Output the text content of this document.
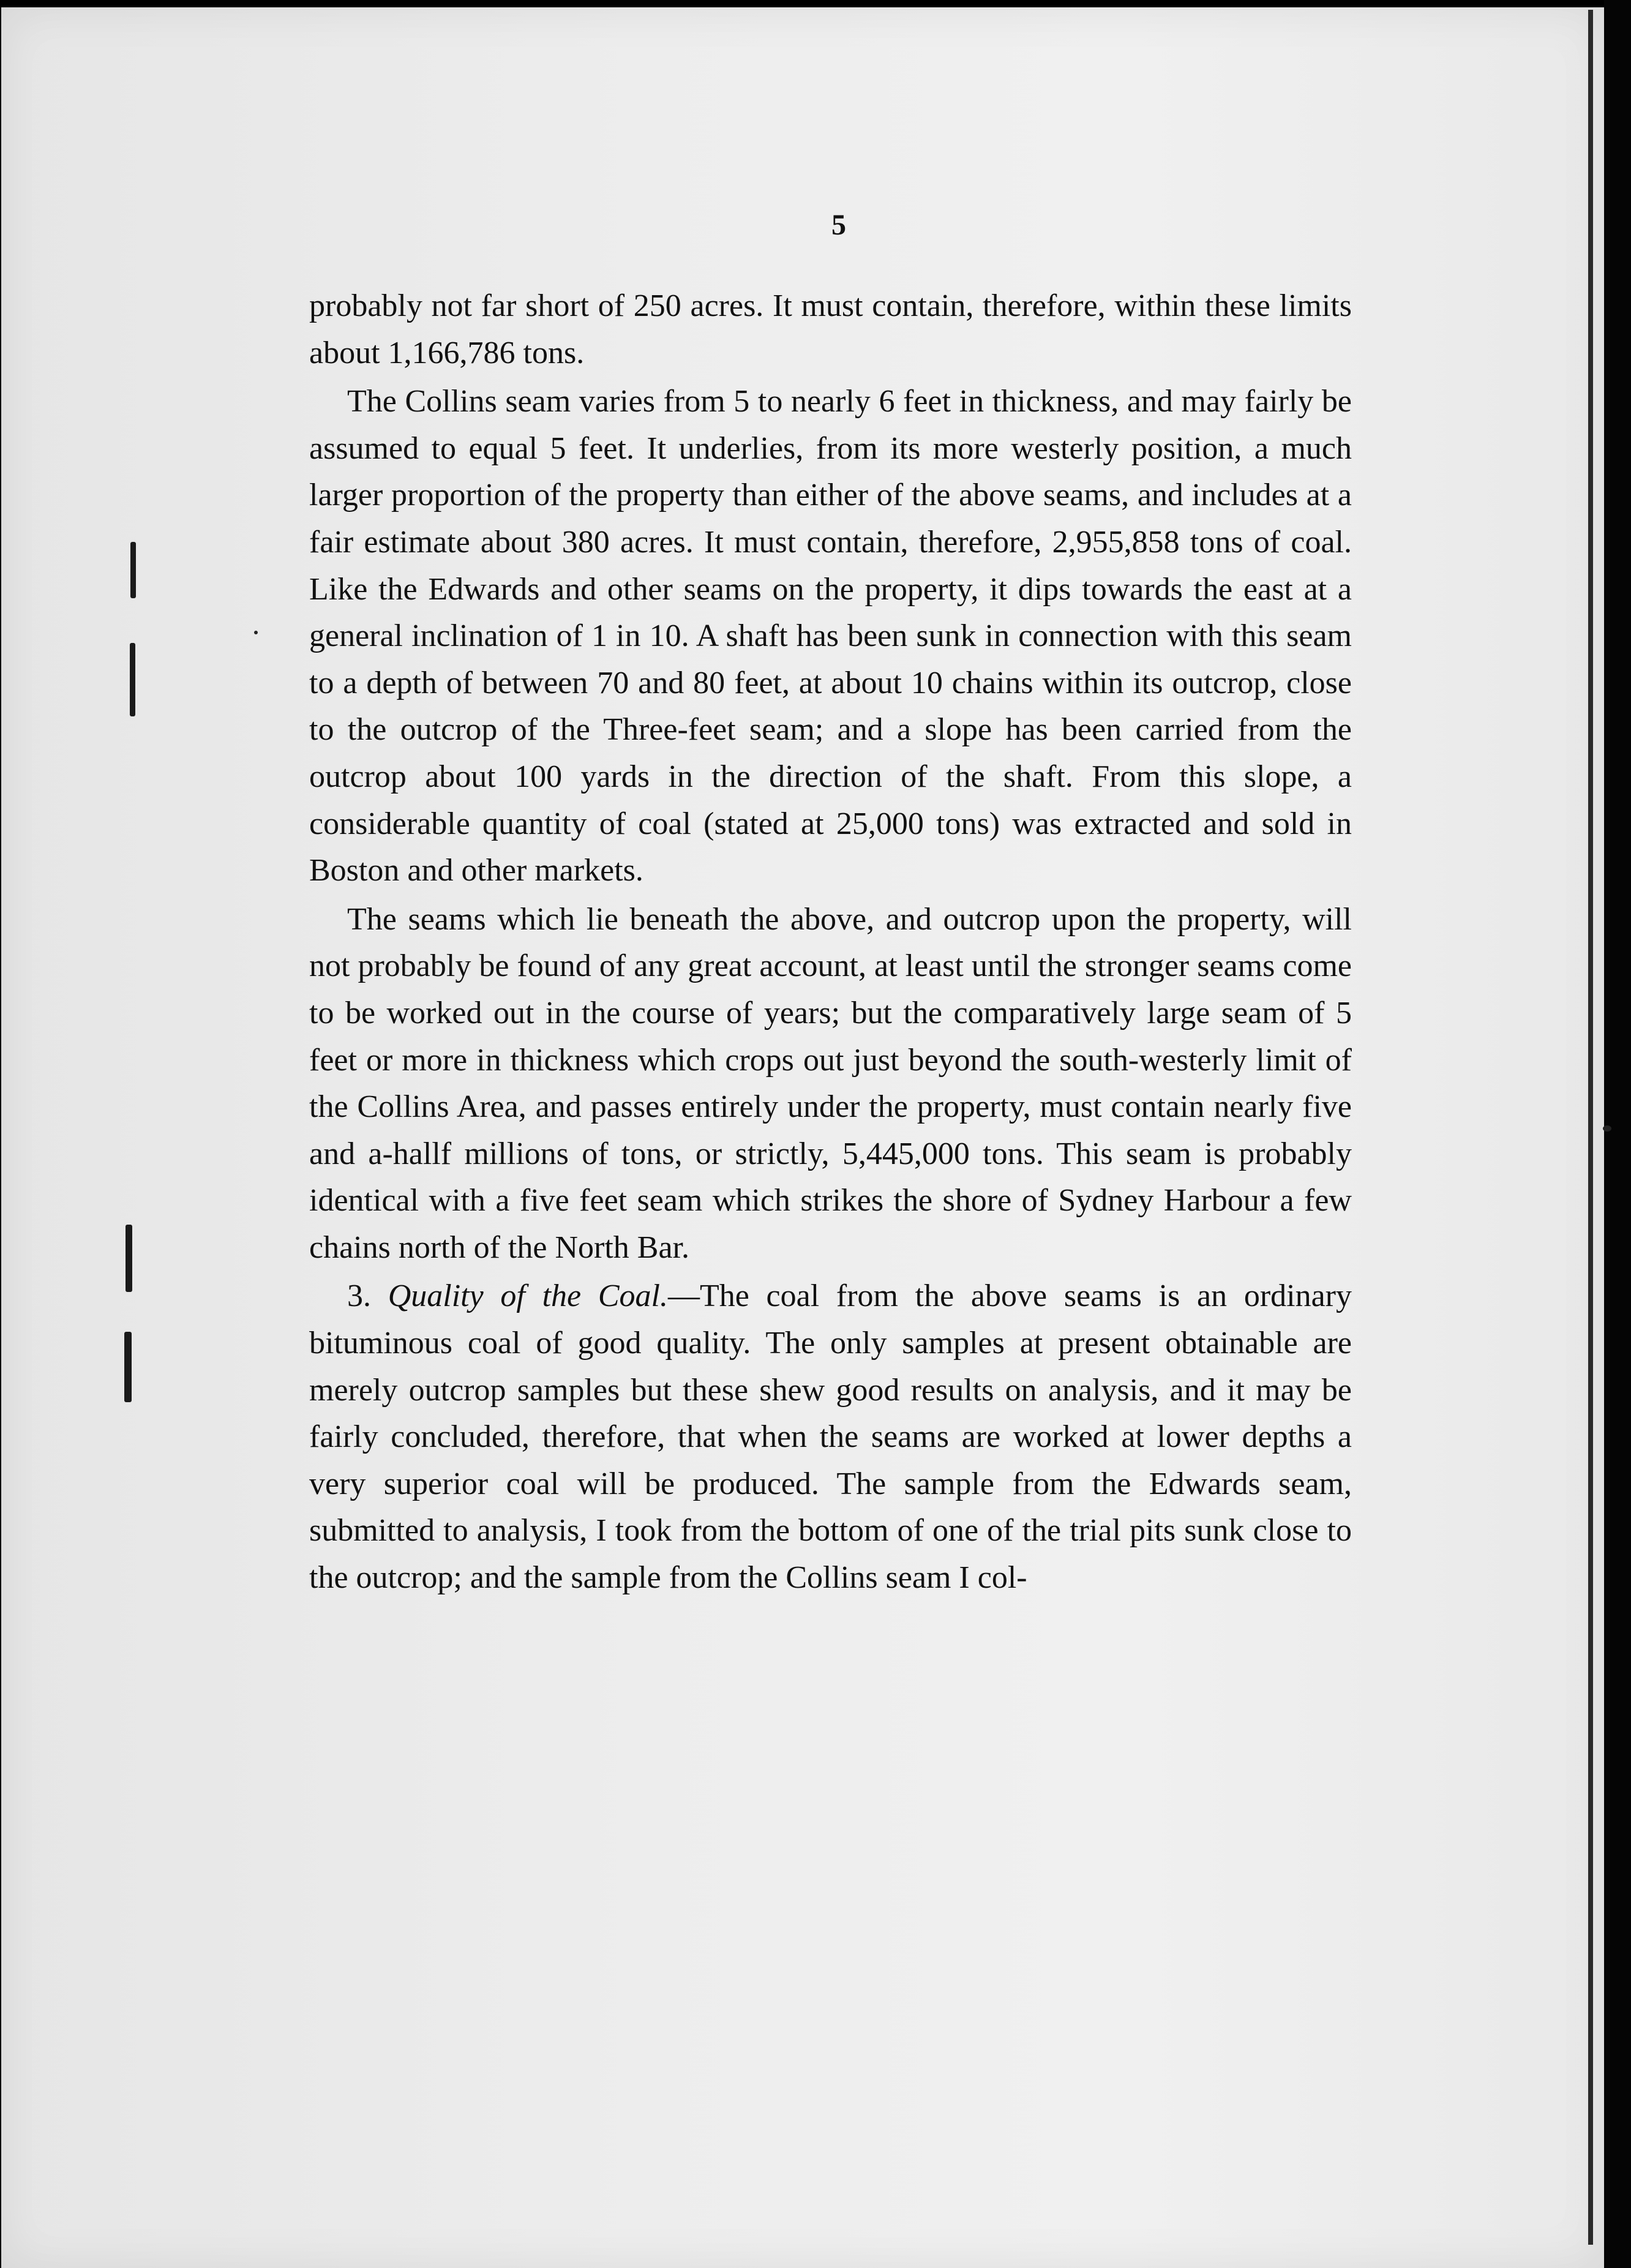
5

probably not far short of 250 acres. It must contain, therefore, within these limits about 1,166,786 tons.

The Collins seam varies from 5 to nearly 6 feet in thickness, and may fairly be assumed to equal 5 feet. It underlies, from its more westerly position, a much larger proportion of the property than either of the above seams, and includes at a fair estimate about 380 acres. It must contain, therefore, 2,955,858 tons of coal. Like the Edwards and other seams on the property, it dips towards the east at a general inclination of 1 in 10. A shaft has been sunk in connection with this seam to a depth of between 70 and 80 feet, at about 10 chains within its outcrop, close to the outcrop of the Three-feet seam; and a slope has been carried from the outcrop about 100 yards in the direction of the shaft. From this slope, a considerable quantity of coal (stated at 25,000 tons) was extracted and sold in Boston and other markets.

The seams which lie beneath the above, and outcrop upon the property, will not probably be found of any great account, at least until the stronger seams come to be worked out in the course of years; but the comparatively large seam of 5 feet or more in thickness which crops out just beyond the south-westerly limit of the Collins Area, and passes entirely under the property, must contain nearly five and a-hallf millions of tons, or strictly, 5,445,000 tons. This seam is probably identical with a five feet seam which strikes the shore of Sydney Harbour a few chains north of the North Bar.

3. Quality of the Coal.—The coal from the above seams is an ordinary bituminous coal of good quality. The only samples at present obtainable are merely outcrop samples but these shew good results on analysis, and it may be fairly concluded, therefore, that when the seams are worked at lower depths a very superior coal will be produced. The sample from the Edwards seam, submitted to analysis, I took from the bottom of one of the trial pits sunk close to the outcrop; and the sample from the Collins seam I col-
